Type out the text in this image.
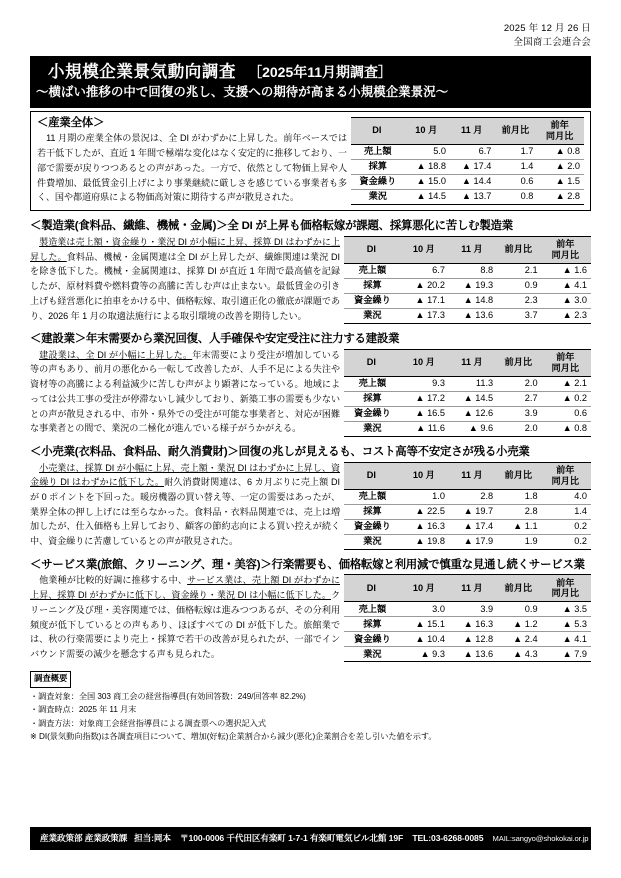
2025 年 12 月 26 日
全国商工会連合会
小規模企業景気動向調査 ［2025年11月期調査］
～横ばい推移の中で回復の兆し、支援への期待が高まる小規模企業景況～
＜産業全体＞

11 月期の産業全体の景況は、全 DI がわずかに上昇した。前年ベースでは若干低下したが、直近 1 年間で極端な変化はなく安定的に推移しており、一部で需要が戻りつつあるとの声があった。一方で、依然として物価上昇や人件費増加、最低賃金引上げにより事業継続に厳しさを感じている事業者も多く、国や都道府県による物価高対策に期待する声が散見された。

DI	10 月	11 月	前月比	前年
同月比
売上額	5.0	6.7	1.7	▲ 0.8
採算	▲ 18.8	▲ 17.4	1.4	▲ 2.0
資金繰り	▲ 15.0	▲ 14.4	0.6	▲ 1.5
業況	▲ 14.5	▲ 13.7	0.8	▲ 2.8
＜製造業(食料品、繊維、機械・金属)＞全 DI が上昇も価格転嫁が課題、採算悪化に苦しむ製造業

製造業は売上額・資金繰り・業況 DI が小幅に上昇、採算 DI はわずかに上昇した。食料品、機械・金属関連は全 DI が上昇したが、繊維関連は業況 DI を除き低下した。機械・金属関連は、採算 DI が直近 1 年間で最高値を記録したが、原材料費や燃料費等の高騰に苦しむ声は止まない。最低賃金の引き上げも経営悪化に拍車をかける中、価格転嫁、取引適正化の徹底が課題であり、2026 年 1 月の取適法施行による取引環境の改善を期待したい。

DI	10 月	11 月	前月比	前年
同月比
売上額	6.7	8.8	2.1	▲ 1.6
採算	▲ 20.2	▲ 19.3	0.9	▲ 4.1
資金繰り	▲ 17.1	▲ 14.8	2.3	▲ 3.0
業況	▲ 17.3	▲ 13.6	3.7	▲ 2.3
＜建設業＞年末需要から業況回復、人手確保や安定受注に注力する建設業

建設業は、全 DI が小幅に上昇した。年末需要により受注が増加している等の声もあり、前月の悪化から一転して改善したが、人手不足による失注や資材等の高騰による利益減少に苦しむ声がより顕著になっている。地域によっては公共工事の受注が停滞ないし減少しており、新築工事の需要も少ないとの声が散見される中、市外・県外での受注が可能な事業者と、対応が困難な事業者との間で、業況の二極化が進んでいる様子がうかがえる。

DI	10 月	11 月	前月比	前年
同月比
売上額	9.3	11.3	2.0	▲ 2.1
採算	▲ 17.2	▲ 14.5	2.7	▲ 0.2
資金繰り	▲ 16.5	▲ 12.6	3.9	0.6
業況	▲ 11.6	▲ 9.6	2.0	▲ 0.8
＜小売業(衣料品、食料品、耐久消費財)＞回復の兆しが見えるも、コスト高等不安定さが残る小売業

小売業は、採算 DI が小幅に上昇、売上額・業況 DI はわずかに上昇し、資金繰り DI はわずかに低下した。耐久消費財関連は、6 カ月ぶりに売上額 DI が 0 ポイントを下回った。暖房機器の買い替え等、一定の需要はあったが、業界全体の押し上げには至らなかった。食料品・衣料品関連では、売上は増加したが、仕入価格も上昇しており、顧客の節約志向による買い控えが続く中、資金繰りに苦慮しているとの声が散見された。

DI	10 月	11 月	前月比	前年
同月比
売上額	1.0	2.8	1.8	4.0
採算	▲ 22.5	▲ 19.7	2.8	1.4
資金繰り	▲ 16.3	▲ 17.4	▲ 1.1	0.2
業況	▲ 19.8	▲ 17.9	1.9	0.2
＜サービス業(旅館、クリーニング、理・美容)＞行楽需要も、価格転嫁と利用減で慎重な見通し続くサービス業

他業種が比較的好調に推移する中、サービス業は、売上額 DI がわずかに上昇、採算 DI がわずかに低下し、資金繰り・業況 DI は小幅に低下した。クリーニング及び理・美容関連では、価格転嫁は進みつつあるが、その分利用頻度が低下しているとの声もあり、ほぼすべての DI が低下した。旅館業では、秋の行楽需要により売上・採算で若干の改善が見られたが、一部でインバウンド需要の減少を懸念する声も見られた。

DI	10 月	11 月	前月比	前年
同月比
売上額	3.0	3.9	0.9	▲ 3.5
採算	▲ 15.1	▲ 16.3	▲ 1.2	▲ 5.3
資金繰り	▲ 10.4	▲ 12.8	▲ 2.4	▲ 4.1
業況	▲ 9.3	▲ 13.6	▲ 4.3	▲ 7.9
調査概要
・調査対象：全国 303 商工会の経営指導員(有効回答数：249/回答率 82.2%)
・調査時点：2025 年 11 月末
・調査方法：対象商工会経営指導員による調査票への選択記入式
※ DI(景気動向指数)は各調査項目について、増加(好転)企業割合から減少(悪化)企業割合を差し引いた値を示す。
産業政策部 産業政策課 担当:岡本 〒100-0006 千代田区有楽町 1-7-1 有楽町電気ビル北館 19F TEL:03-6268-0085 MAIL:sangyo@shokokai.or.jp
